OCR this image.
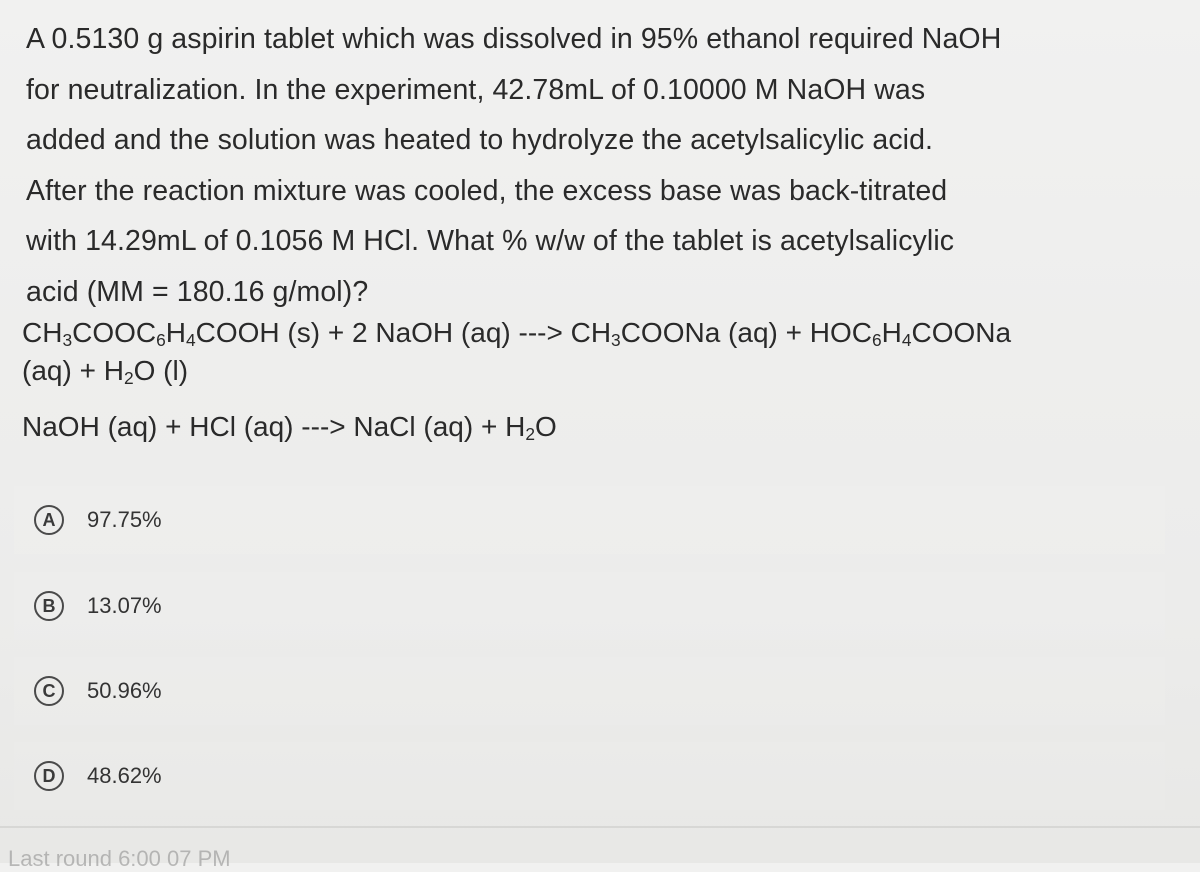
A 0.5130 g aspirin tablet which was dissolved in 95% ethanol required NaOH
for neutralization. In the experiment, 42.78mL of 0.10000 M NaOH was
added and the solution was heated to hydrolyze the acetylsalicylic acid.
After the reaction mixture was cooled, the excess base was back-titrated
with 14.29mL of 0.1056 M HCl. What % w/w of the tablet is acetylsalicylic
acid (MM = 180.16 g/mol)?
$CH_3COOC_6H_4COOH$ (s) + 2 NaOH (aq) ---> $CH_3COONa$ $(aq) + HOC_6H_4COONa$
$(aq) + H_2O$ (l)
NaOH (aq) + HCl (aq) ---> NaCl $(aq) + H_2O$
A	97.75%
B	13.07%
C	50.96%
D	48.62%
Last round 6:00 07 PM
